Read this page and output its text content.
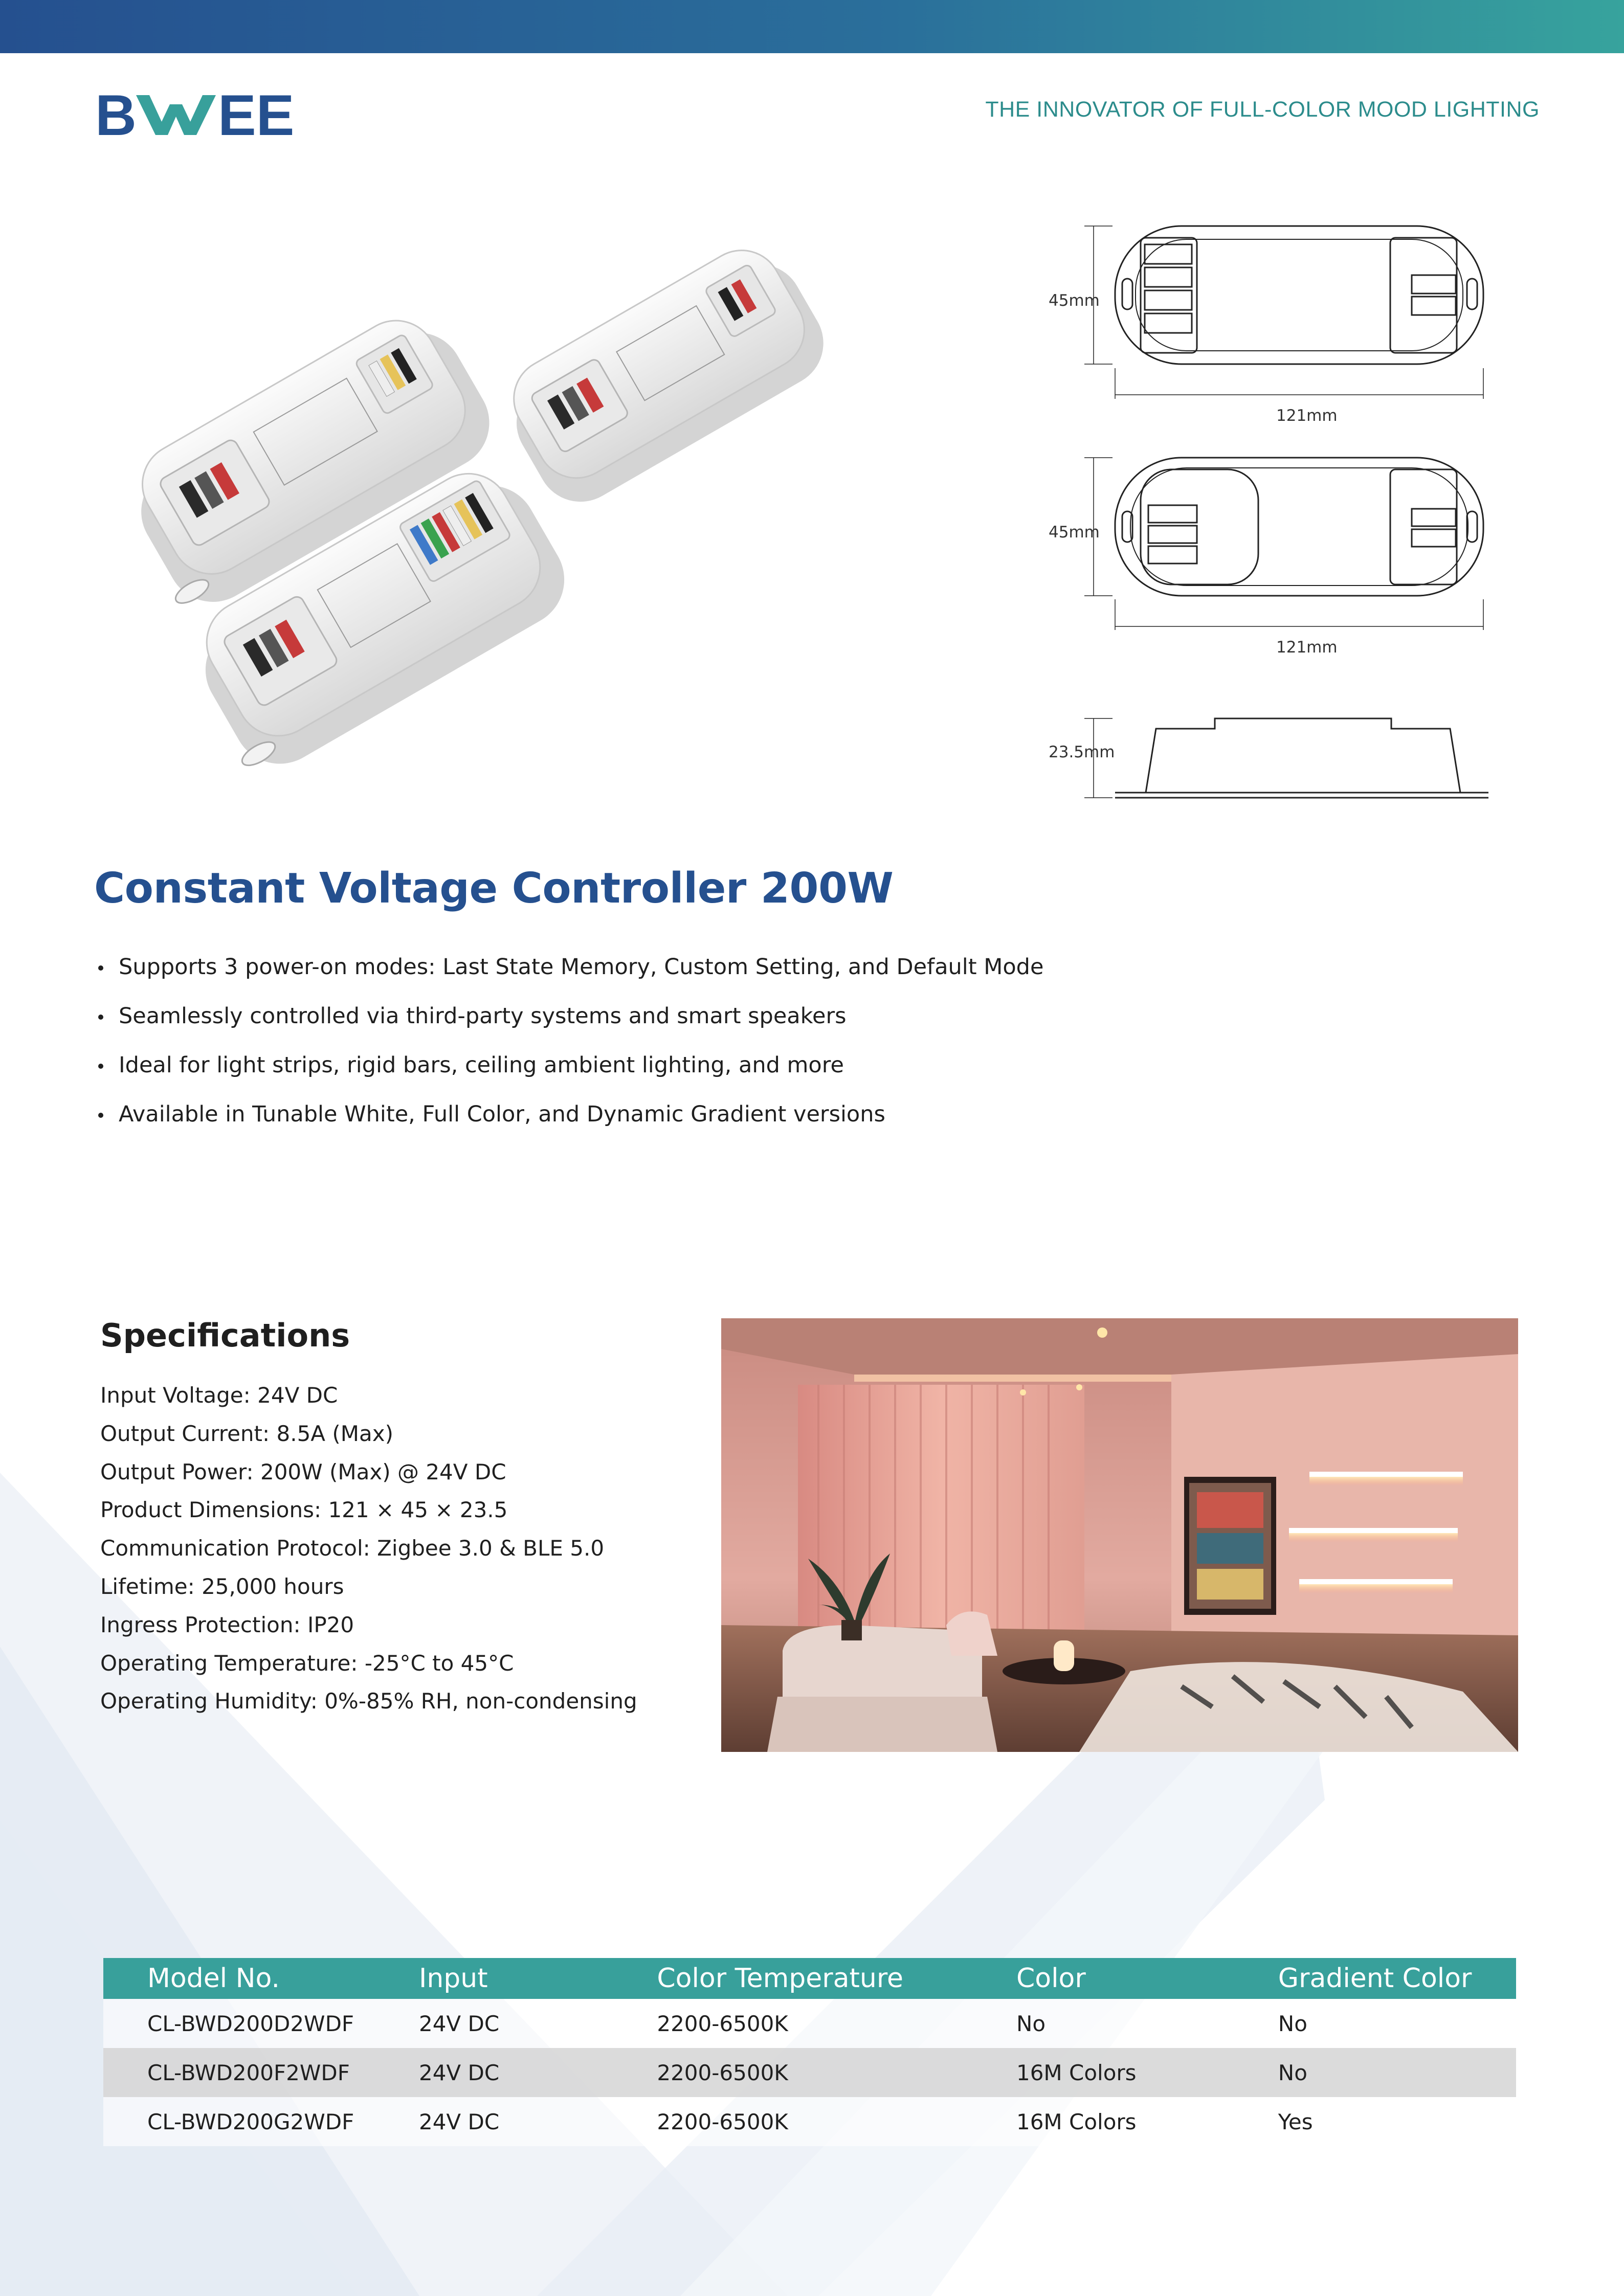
B EE	THE INNOVATOR OF FULL-COLOR MOOD LIGHTING
45mm
121mm
45mm
121mm
23.5mm
Constant Voltage Controller 200W
Supports 3 power-on modes: Last State Memory, Custom Setting, and Default Mode
Seamlessly controlled via third-party systems and smart speakers
Ideal for light strips, rigid bars, ceiling ambient lighting, and more
Available in Tunable White, Full Color, and Dynamic Gradient versions
Specifications
Input Voltage: 24V DC
Output Current: 8.5A (Max)
Output Power: 200W (Max) @ 24V DC
Product Dimensions: 121 × 45 × 23.5
Communication Protocol: Zigbee 3.0 & BLE 5.0
Lifetime: 25,000 hours
Ingress Protection: IP20
Operating Temperature: -25°C to 45°C
Operating Humidity: 0%-85% RH, non-condensing
Model No.	Input	Color Temperature	Color	Gradient Color
CL-BWD200D2WDF	24V DC	2200-6500K	No	No
CL-BWD200F2WDF	24V DC	2200-6500K	16M Colors	No
CL-BWD200G2WDF	24V DC	2200-6500K	16M Colors	Yes
